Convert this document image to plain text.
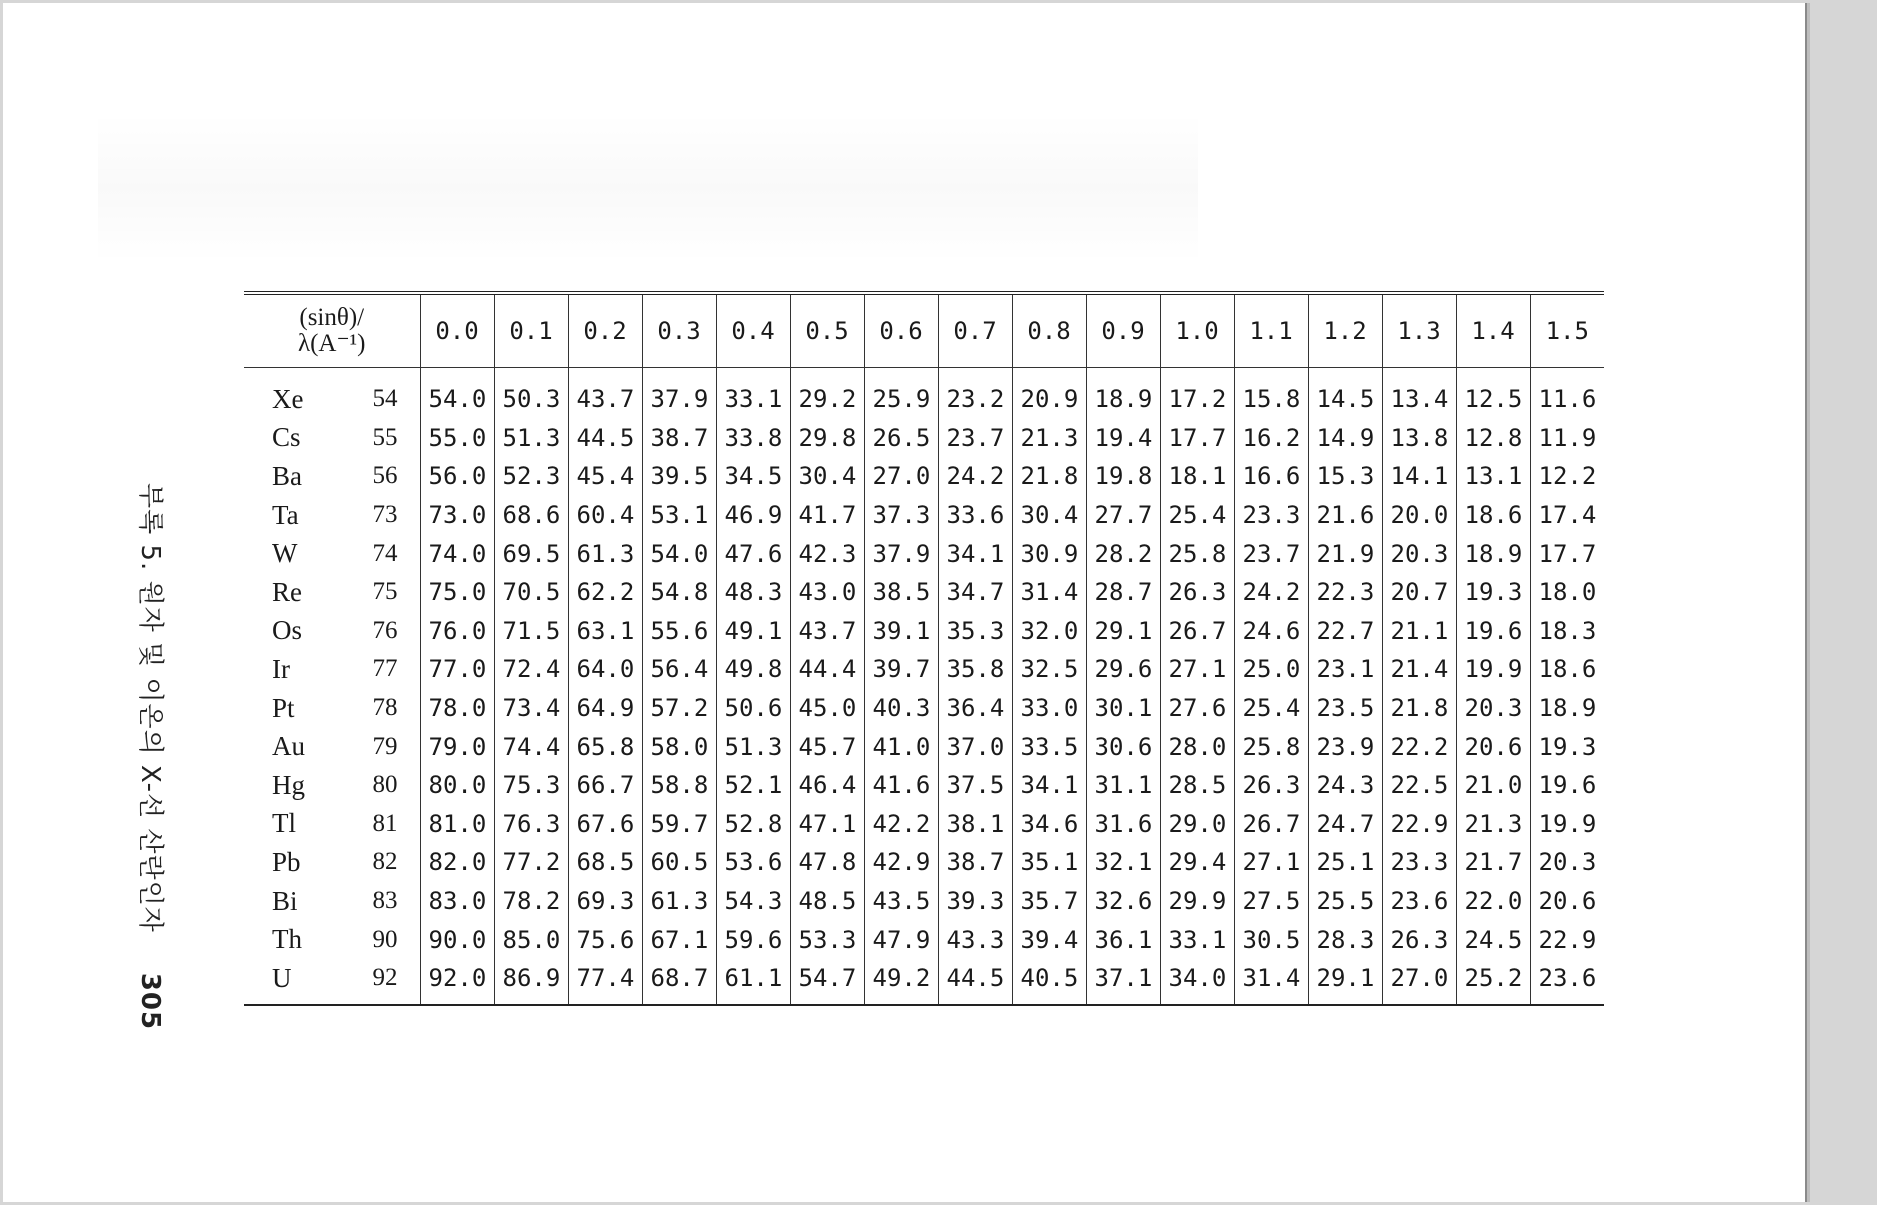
부록 5. 원자 및 이온의 X-선 산란인자305
(sinθ)/
λ(A⁻¹)		0.0	0.1	0.2	0.3	0.4	0.5	0.6	0.7	0.8	0.9	1.0	1.1	1.2	1.3	1.4	1.5
Xe	54	54.0	50.3	43.7	37.9	33.1	29.2	25.9	23.2	20.9	18.9	17.2	15.8	14.5	13.4	12.5	11.6
Cs	55	55.0	51.3	44.5	38.7	33.8	29.8	26.5	23.7	21.3	19.4	17.7	16.2	14.9	13.8	12.8	11.9
Ba	56	56.0	52.3	45.4	39.5	34.5	30.4	27.0	24.2	21.8	19.8	18.1	16.6	15.3	14.1	13.1	12.2
Ta	73	73.0	68.6	60.4	53.1	46.9	41.7	37.3	33.6	30.4	27.7	25.4	23.3	21.6	20.0	18.6	17.4
W	74	74.0	69.5	61.3	54.0	47.6	42.3	37.9	34.1	30.9	28.2	25.8	23.7	21.9	20.3	18.9	17.7
Re	75	75.0	70.5	62.2	54.8	48.3	43.0	38.5	34.7	31.4	28.7	26.3	24.2	22.3	20.7	19.3	18.0
Os	76	76.0	71.5	63.1	55.6	49.1	43.7	39.1	35.3	32.0	29.1	26.7	24.6	22.7	21.1	19.6	18.3
Ir	77	77.0	72.4	64.0	56.4	49.8	44.4	39.7	35.8	32.5	29.6	27.1	25.0	23.1	21.4	19.9	18.6
Pt	78	78.0	73.4	64.9	57.2	50.6	45.0	40.3	36.4	33.0	30.1	27.6	25.4	23.5	21.8	20.3	18.9
Au	79	79.0	74.4	65.8	58.0	51.3	45.7	41.0	37.0	33.5	30.6	28.0	25.8	23.9	22.2	20.6	19.3
Hg	80	80.0	75.3	66.7	58.8	52.1	46.4	41.6	37.5	34.1	31.1	28.5	26.3	24.3	22.5	21.0	19.6
Tl	81	81.0	76.3	67.6	59.7	52.8	47.1	42.2	38.1	34.6	31.6	29.0	26.7	24.7	22.9	21.3	19.9
Pb	82	82.0	77.2	68.5	60.5	53.6	47.8	42.9	38.7	35.1	32.1	29.4	27.1	25.1	23.3	21.7	20.3
Bi	83	83.0	78.2	69.3	61.3	54.3	48.5	43.5	39.3	35.7	32.6	29.9	27.5	25.5	23.6	22.0	20.6
Th	90	90.0	85.0	75.6	67.1	59.6	53.3	47.9	43.3	39.4	36.1	33.1	30.5	28.3	26.3	24.5	22.9
U	92	92.0	86.9	77.4	68.7	61.1	54.7	49.2	44.5	40.5	37.1	34.0	31.4	29.1	27.0	25.2	23.6
